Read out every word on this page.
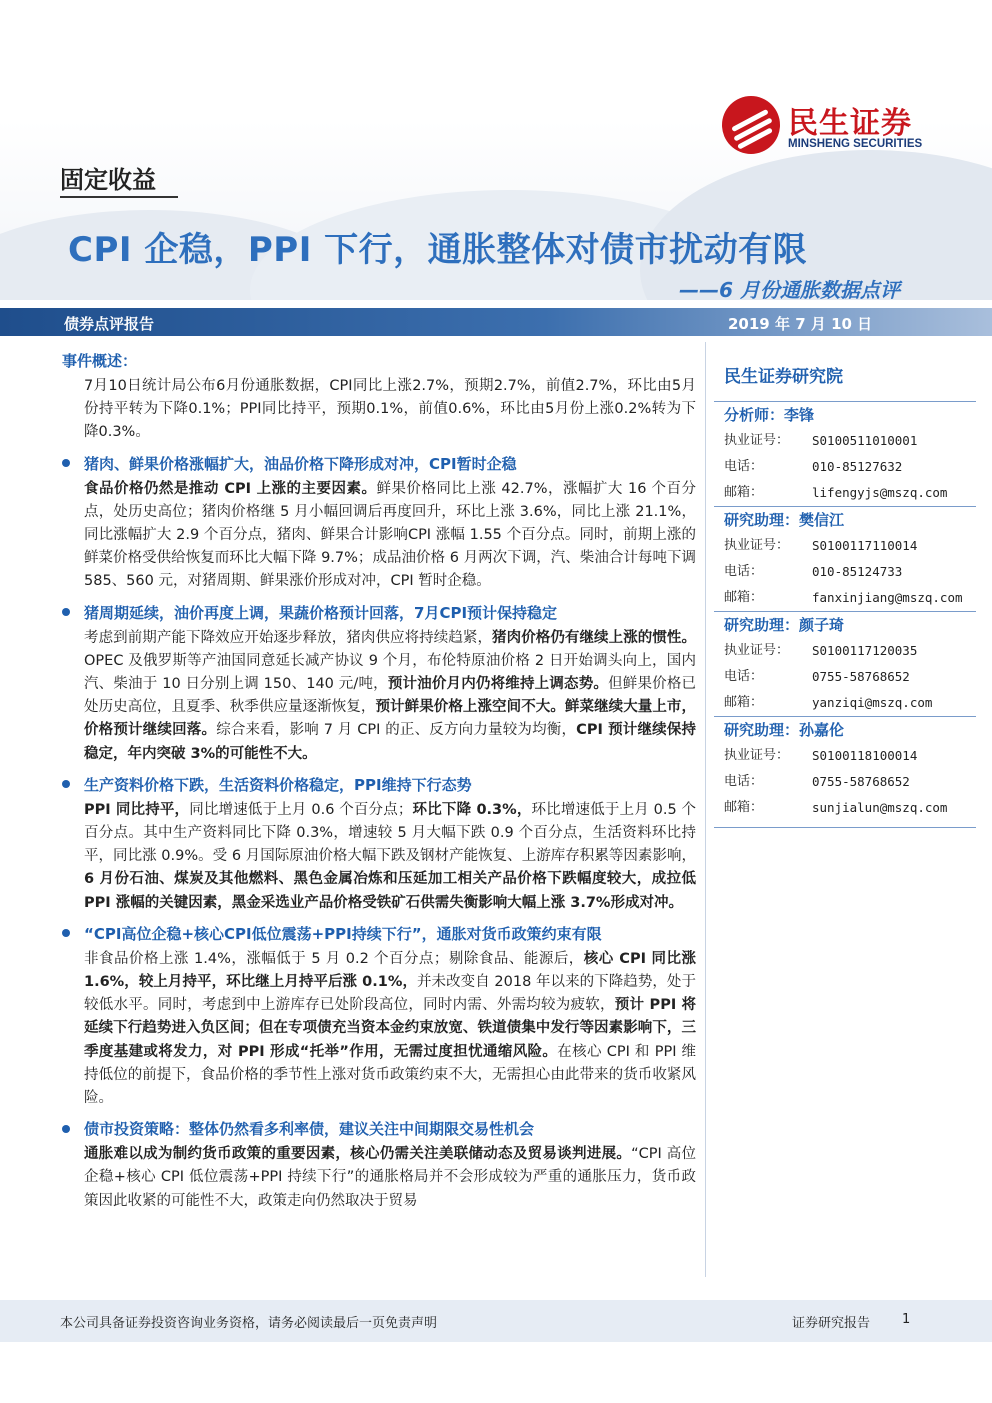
民生证券
MINSHENG SECURITIES
固定收益
CPI 企稳，PPI 下行，通胀整体对债市扰动有限
——6 月份通胀数据点评
债券点评报告	2019 年 7 月 10 日
事件概述：

7月10日统计局公布6月份通胀数据，CPI同比上涨2.7%，预期2.7%，前值2.7%，环比由5月份持平转为下降0.1%；PPI同比持平，预期0.1%，前值0.6%，环比由5月份上涨0.2%转为下降0.3%。

猪肉、鲜果价格涨幅扩大，油品价格下降形成对冲，CPI暂时企稳

食品价格仍然是推动 CPI 上涨的主要因素。鲜果价格同比上涨 42.7%，涨幅扩大 16 个百分点，处历史高位；猪肉价格继 5 月小幅回调后再度回升，环比上涨 3.6%，同比上涨 21.1%，同比涨幅扩大 2.9 个百分点，猪肉、鲜果合计影响CPI 涨幅 1.55 个百分点。同时，前期上涨的鲜菜价格受供给恢复而环比大幅下降 9.7%；成品油价格 6 月两次下调，汽、柴油合计每吨下调 585、560 元，对猪周期、鲜果涨价形成对冲，CPI 暂时企稳。

猪周期延续，油价再度上调，果蔬价格预计回落，7月CPI预计保持稳定

考虑到前期产能下降效应开始逐步释放，猪肉供应将持续趋紧，猪肉价格仍有继续上涨的惯性。OPEC 及俄罗斯等产油国同意延长减产协议 9 个月，布伦特原油价格 2 日开始调头向上，国内汽、柴油于 10 日分别上调 150、140 元/吨，预计油价月内仍将维持上调态势。但鲜果价格已处历史高位，且夏季、秋季供应量逐渐恢复，预计鲜果价格上涨空间不大。鲜菜继续大量上市，价格预计继续回落。综合来看，影响 7 月 CPI 的正、反方向力量较为均衡，CPI 预计继续保持稳定，年内突破 3%的可能性不大。

生产资料价格下跌，生活资料价格稳定，PPI维持下行态势

PPI 同比持平，同比增速低于上月 0.6 个百分点；环比下降 0.3%，环比增速低于上月 0.5 个百分点。其中生产资料同比下降 0.3%，增速较 5 月大幅下跌 0.9 个百分点，生活资料环比持平，同比涨 0.9%。受 6 月国际原油价格大幅下跌及钢材产能恢复、上游库存积累等因素影响，6 月份石油、煤炭及其他燃料、黑色金属冶炼和压延加工相关产品价格下跌幅度较大，成拉低 PPI 涨幅的关键因素，黑金采选业产品价格受铁矿石供需失衡影响大幅上涨 3.7%形成对冲。

“CPI高位企稳+核心CPI低位震荡+PPI持续下行”，通胀对货币政策约束有限

非食品价格上涨 1.4%，涨幅低于 5 月 0.2 个百分点；剔除食品、能源后，核心 CPI 同比涨 1.6%，较上月持平，环比继上月持平后涨 0.1%，并未改变自 2018 年以来的下降趋势，处于较低水平。同时，考虑到中上游库存已处阶段高位，同时内需、外需均较为疲软，预计 PPI 将延续下行趋势进入负区间；但在专项债充当资本金约束放宽、铁道债集中发行等因素影响下，三季度基建或将发力，对 PPI 形成“托举”作用，无需过度担忧通缩风险。在核心 CPI 和 PPI 维持低位的前提下，食品价格的季节性上涨对货币政策约束不大，无需担心由此带来的货币收紧风险。

债市投资策略：整体仍然看多利率债，建议关注中间期限交易性机会

通胀难以成为制约货币政策的重要因素，核心仍需关注美联储动态及贸易谈判进展。“CPI 高位企稳+核心 CPI 低位震荡+PPI 持续下行”的通胀格局并不会形成较为严重的通胀压力，货币政策因此收紧的可能性不大，政策走向仍然取决于贸易

民生证券研究院
分析师：李锋
执业证号：	S0100511010001
电话：	010-85127632
邮箱：	lifengyjs@mszq.com
研究助理：樊信江
执业证号：	S0100117110014
电话：	010-85124733
邮箱：	fanxinjiang@mszq.com
研究助理：颜子琦
执业证号：	S0100117120035
电话：	0755-58768652
邮箱：	yanziqi@mszq.com
研究助理：孙嘉伦
执业证号：	S0100118100014
电话：	0755-58768652
邮箱：	sunjialun@mszq.com
本公司具备证券投资咨询业务资格，请务必阅读最后一页免责声明	证券研究报告 1
